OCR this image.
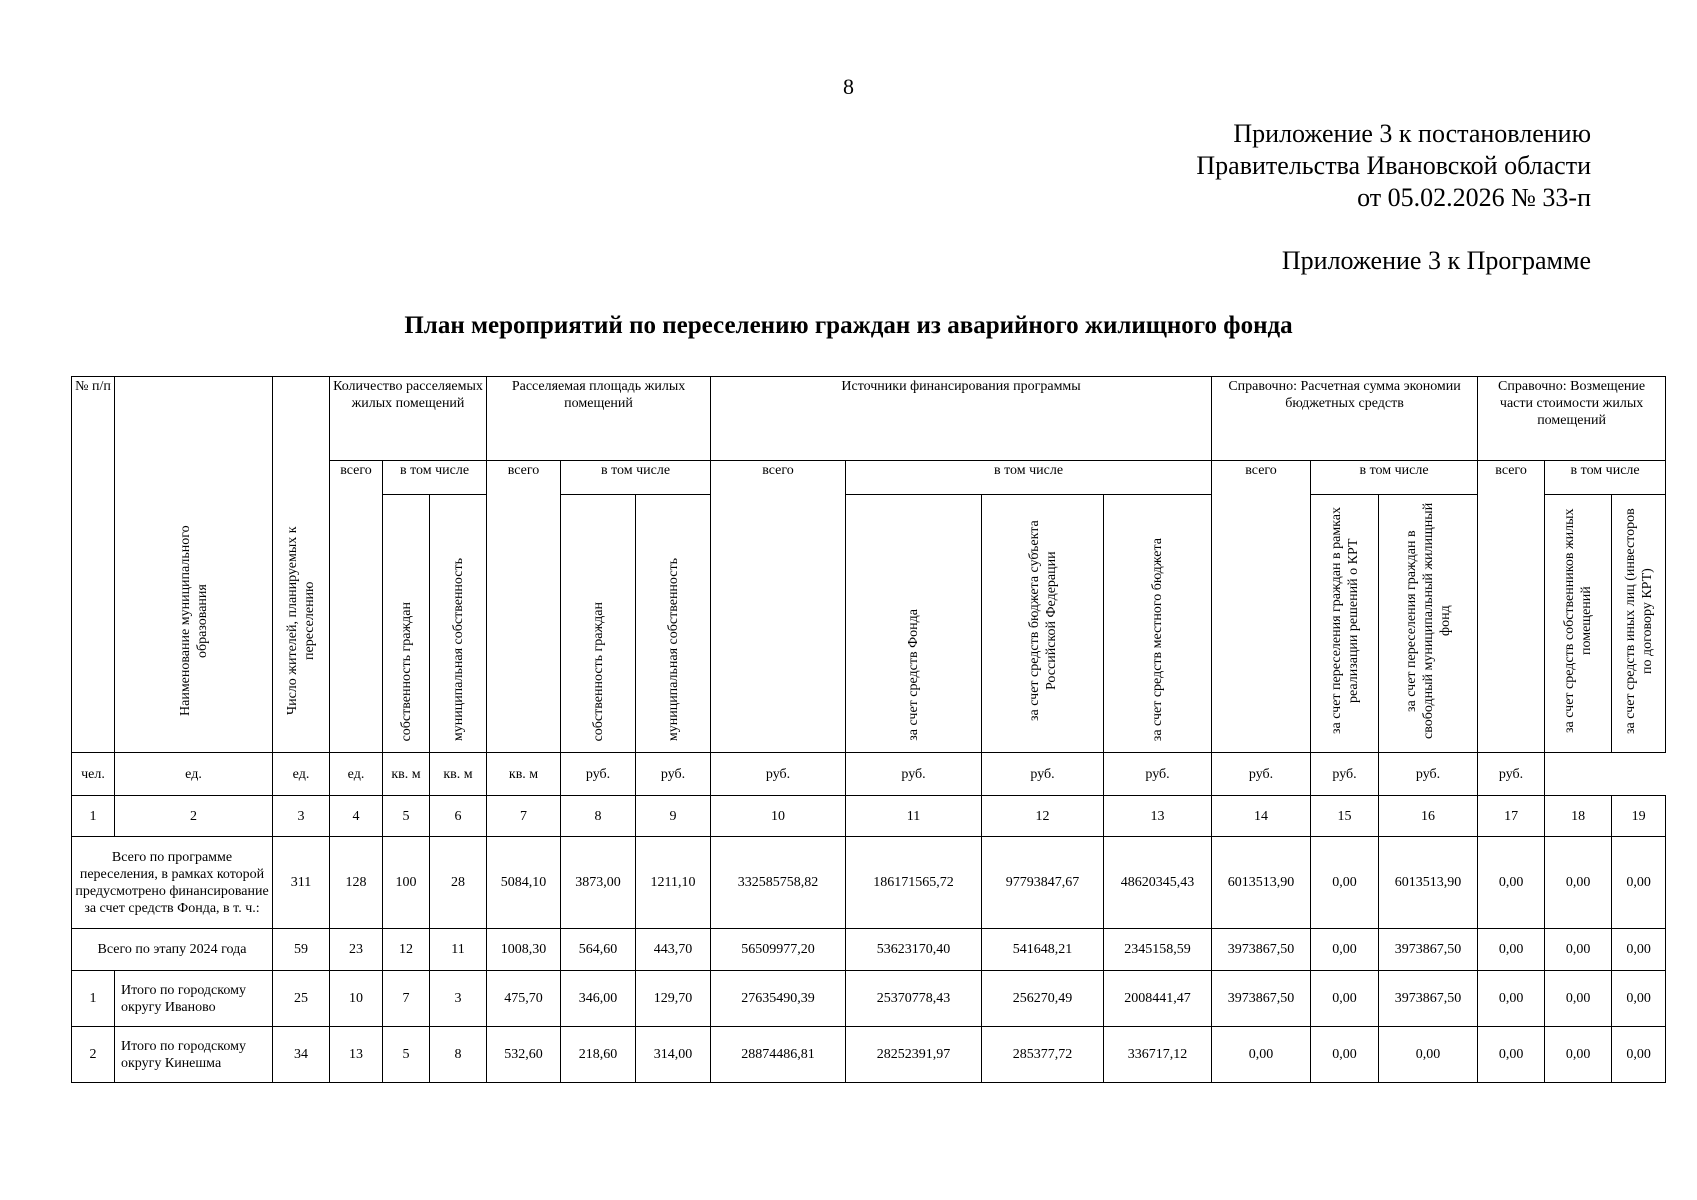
8
Приложение 3 к постановлению
Правительства Ивановской области
от 05.02.2026 № 33-п
Приложение 3 к Программе
План мероприятий по переселению граждан из аварийного жилищного фонда
№ п/п	Наименование муниципального образования	Число жителей, планируемых к переселению	Количество расселяемых жилых помещений			Расселяемая площадь жилых помещений			Источники финансирования программы				Справочно: Расчетная сумма экономии бюджетных средств			Справочно: Возмещение части стоимости жилых помещений		
			всего	в том числе		всего	в том числе		всего	в том числе			всего	в том числе		всего	в том числе	
				собственность граждан	муниципальная собственность		собственность граждан	муниципальная собственность		за счет средств Фонда	за счет средств бюджета субъекта Российской Федерации	за счет средств местного бюджета		за счет переселения граждан в рамках реализации решений о КРТ	за счет переселения граждан в свободный муниципальный жилищный фонд		за счет средств собственников жилых помещений	за счет средств иных лиц (инвесторов по договору КРТ)
чел.	ед.	ед.	ед.	кв. м	кв. м	кв. м	руб.	руб.	руб.	руб.	руб.	руб.	руб.	руб.	руб.	руб.		
1	2	3	4	5	6	7	8	9	10	11	12	13	14	15	16	17	18	19
Всего по программе переселения, в рамках которой предусмотрено финансирование за счет средств Фонда, в т. ч.:		311	128	100	28	5084,10	3873,00	1211,10	332585758,82	186171565,72	97793847,67	48620345,43	6013513,90	0,00	6013513,90	0,00	0,00	0,00
Всего по этапу 2024 года		59	23	12	11	1008,30	564,60	443,70	56509977,20	53623170,40	541648,21	2345158,59	3973867,50	0,00	3973867,50	0,00	0,00	0,00
1	Итого по городскому округу Иваново	25	10	7	3	475,70	346,00	129,70	27635490,39	25370778,43	256270,49	2008441,47	3973867,50	0,00	3973867,50	0,00	0,00	0,00
2	Итого по городскому округу Кинешма	34	13	5	8	532,60	218,60	314,00	28874486,81	28252391,97	285377,72	336717,12	0,00	0,00	0,00	0,00	0,00	0,00
